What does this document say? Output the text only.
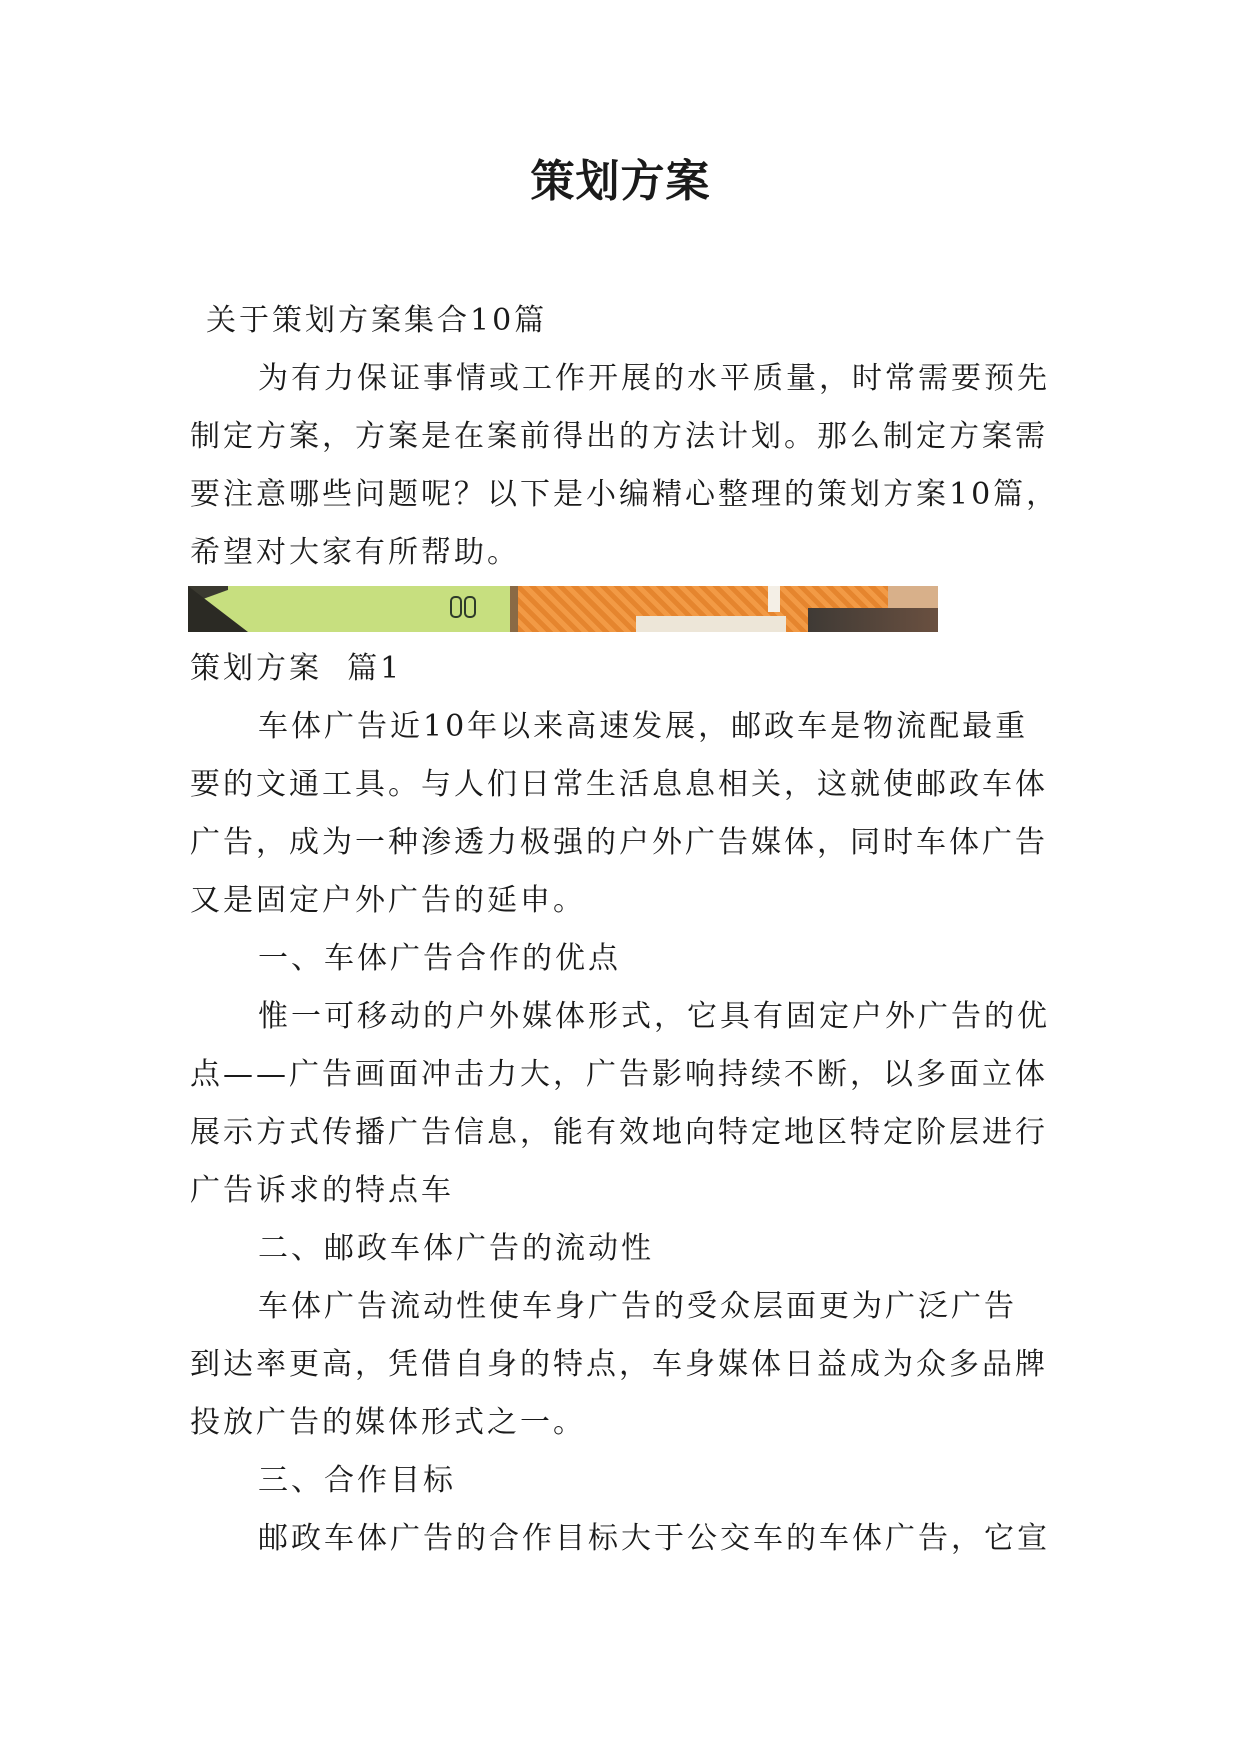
策划方案
关于策划方案集合10篇
为有力保证事情或工作开展的水平质量，时常需要预先
制定方案，方案是在案前得出的方法计划。那么制定方案需
要注意哪些问题呢？以下是小编精心整理的策划方案10篇，
希望对大家有所帮助。
策划方案  篇1
车体广告近10年以来高速发展，邮政车是物流配最重
要的文通工具。与人们日常生活息息相关，这就使邮政车体
广告，成为一种渗透力极强的户外广告媒体，同时车体广告
又是固定户外广告的延申。
一、车体广告合作的优点
惟一可移动的户外媒体形式，它具有固定户外广告的优
点——广告画面冲击力大，广告影响持续不断，以多面立体
展示方式传播广告信息，能有效地向特定地区特定阶层进行
广告诉求的特点车
二、邮政车体广告的流动性
车体广告流动性使车身广告的受众层面更为广泛广告
到达率更高，凭借自身的特点，车身媒体日益成为众多品牌
投放广告的媒体形式之一。
三、合作目标
邮政车体广告的合作目标大于公交车的车体广告，它宣
